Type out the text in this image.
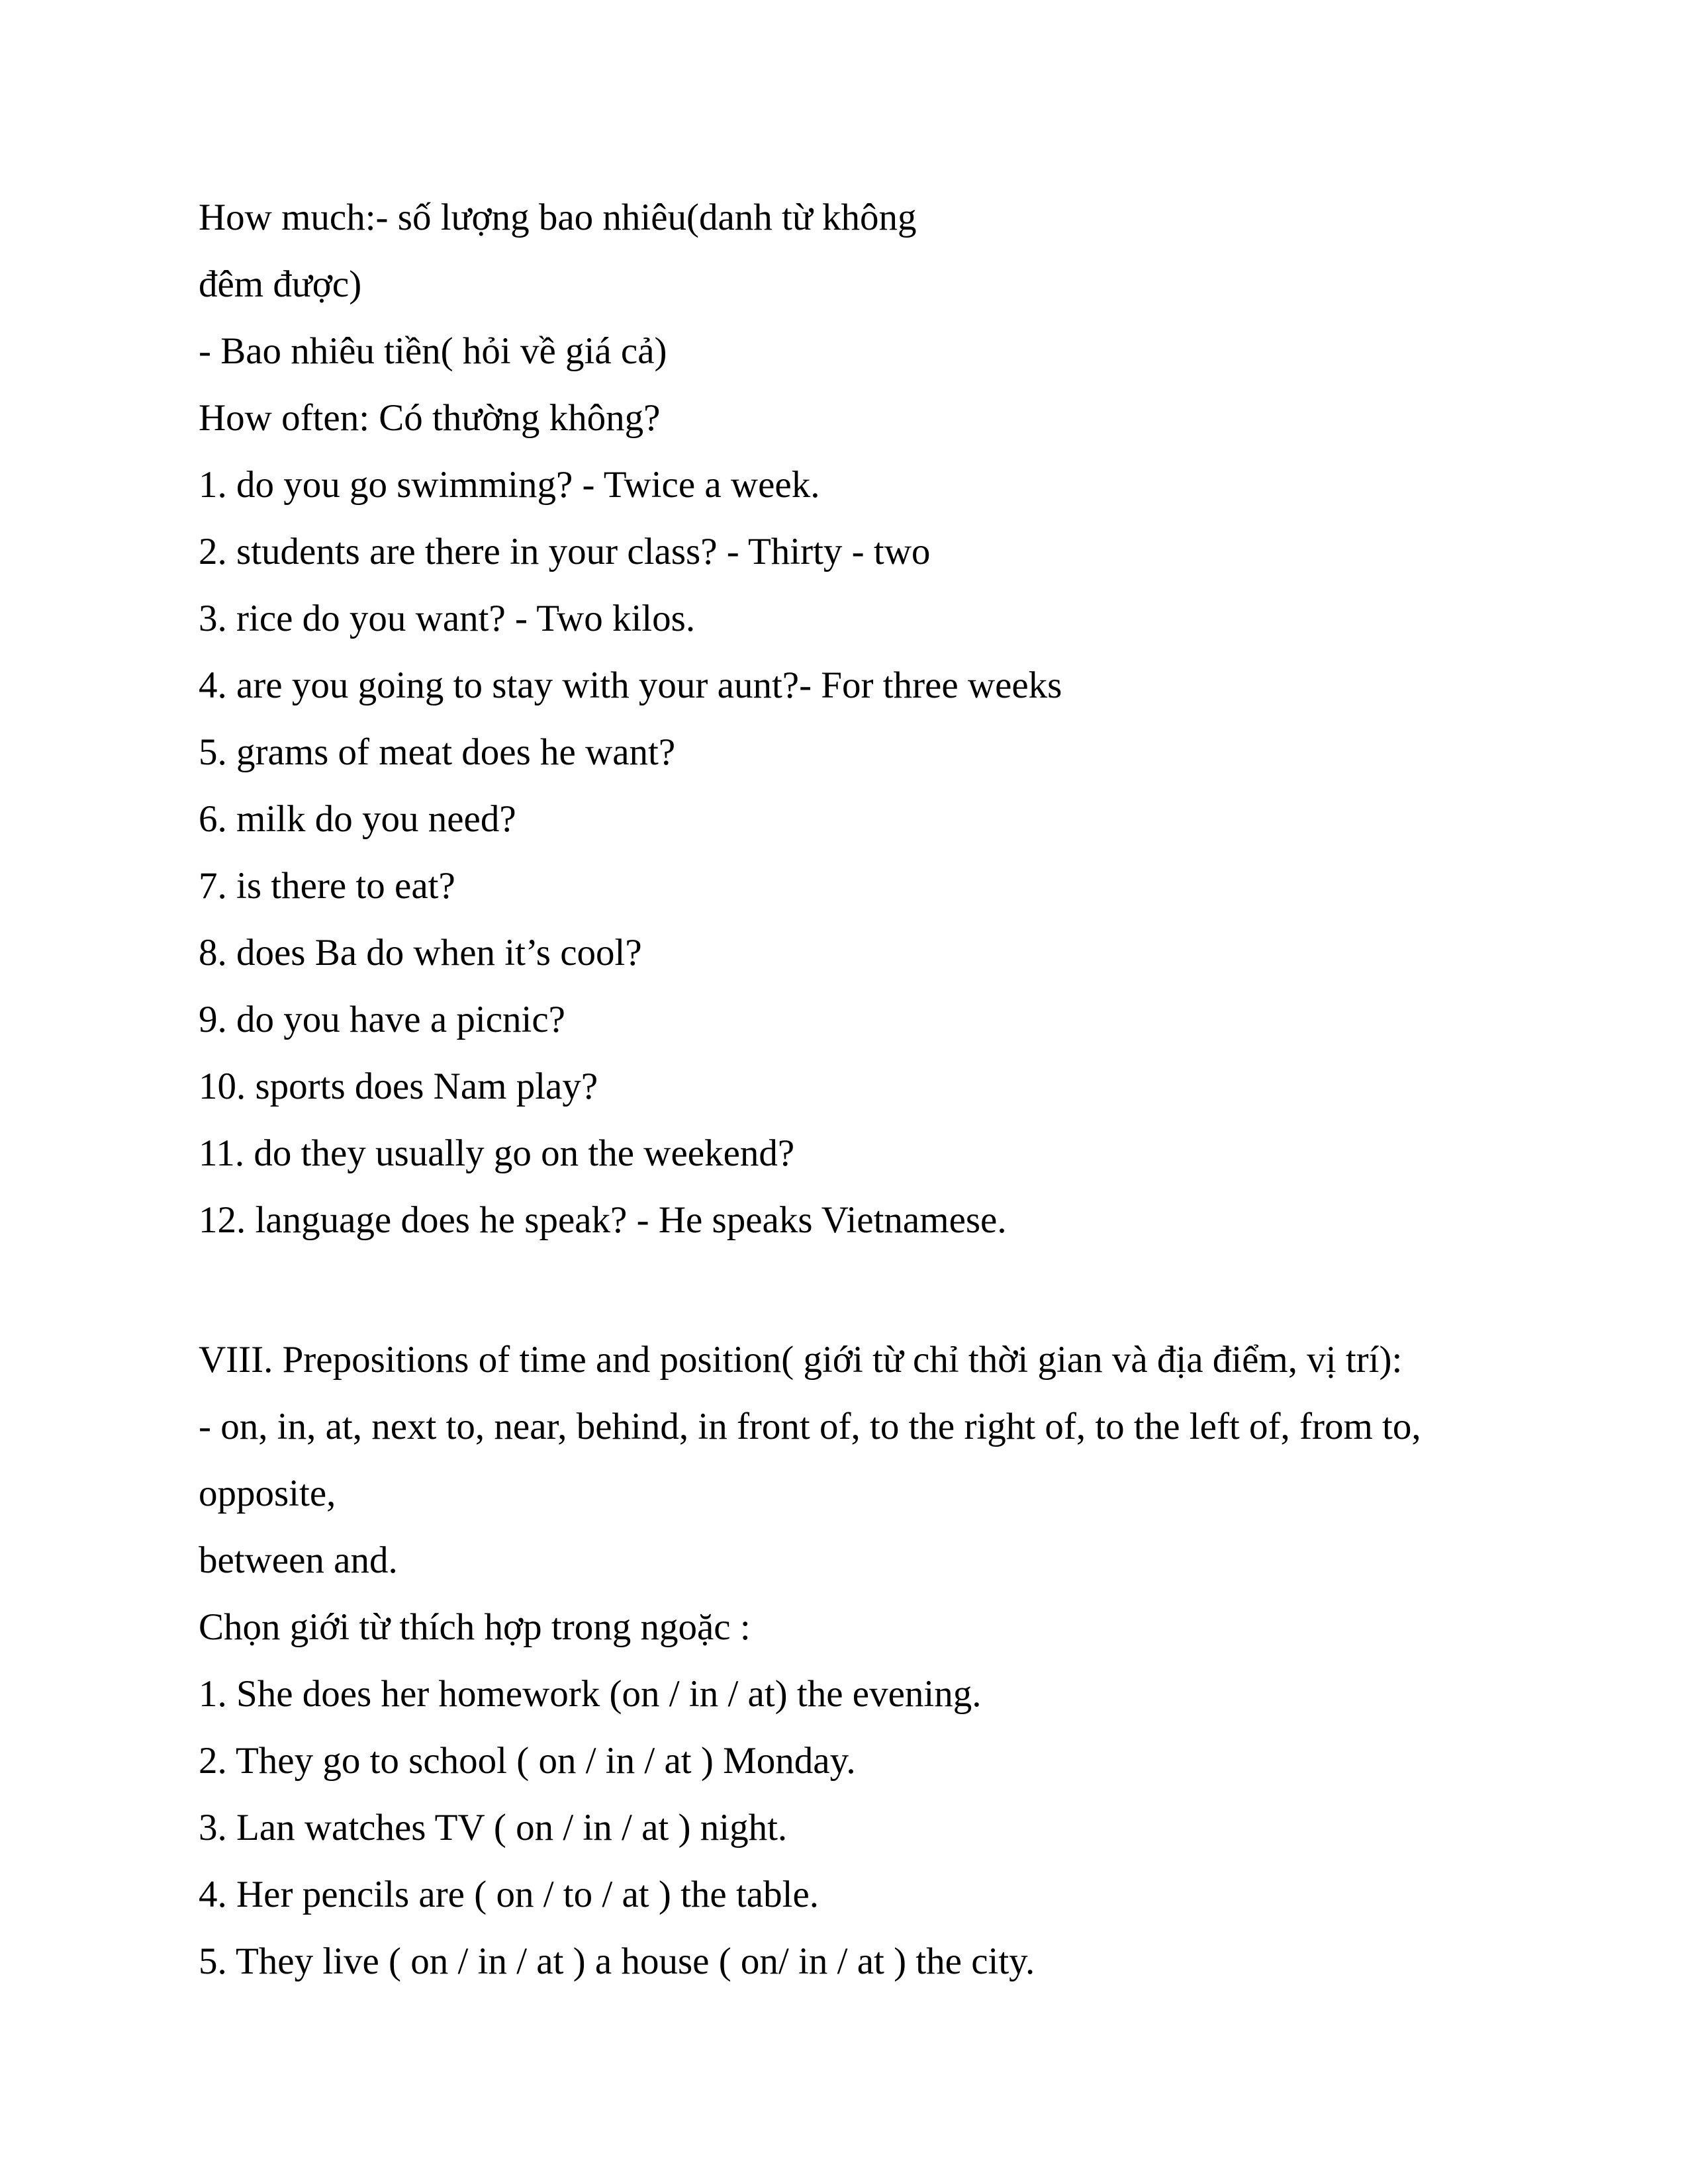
How much:- số lượng bao nhiêu(danh từ không
đêm được)
- Bao nhiêu tiền( hỏi về giá cả)
How often: Có thường không?
1. do you go swimming? - Twice a week.
2. students are there in your class? - Thirty - two
3. rice do you want? - Two kilos.
4. are you going to stay with your aunt?- For three weeks
5. grams of meat does he want?
6. milk do you need?
7. is there to eat?
8. does Ba do when it’s cool?
9. do you have a picnic?
10. sports does Nam play?
11. do they usually go on the weekend?
12. language does he speak? - He speaks Vietnamese.
VIII. Prepositions of time and position( giới từ chỉ thời gian và địa điểm, vị trí):
- on, in, at, next to, near, behind, in front of, to the right of, to the left of, from to,
opposite,
between and.
Chọn giới từ thích hợp trong ngoặc :
1. She does her homework (on / in / at) the evening.
2. They go to school ( on / in / at ) Monday.
3. Lan watches TV ( on / in / at ) night.
4. Her pencils are ( on / to / at ) the table.
5. They live ( on / in / at ) a house ( on/ in / at ) the city.
